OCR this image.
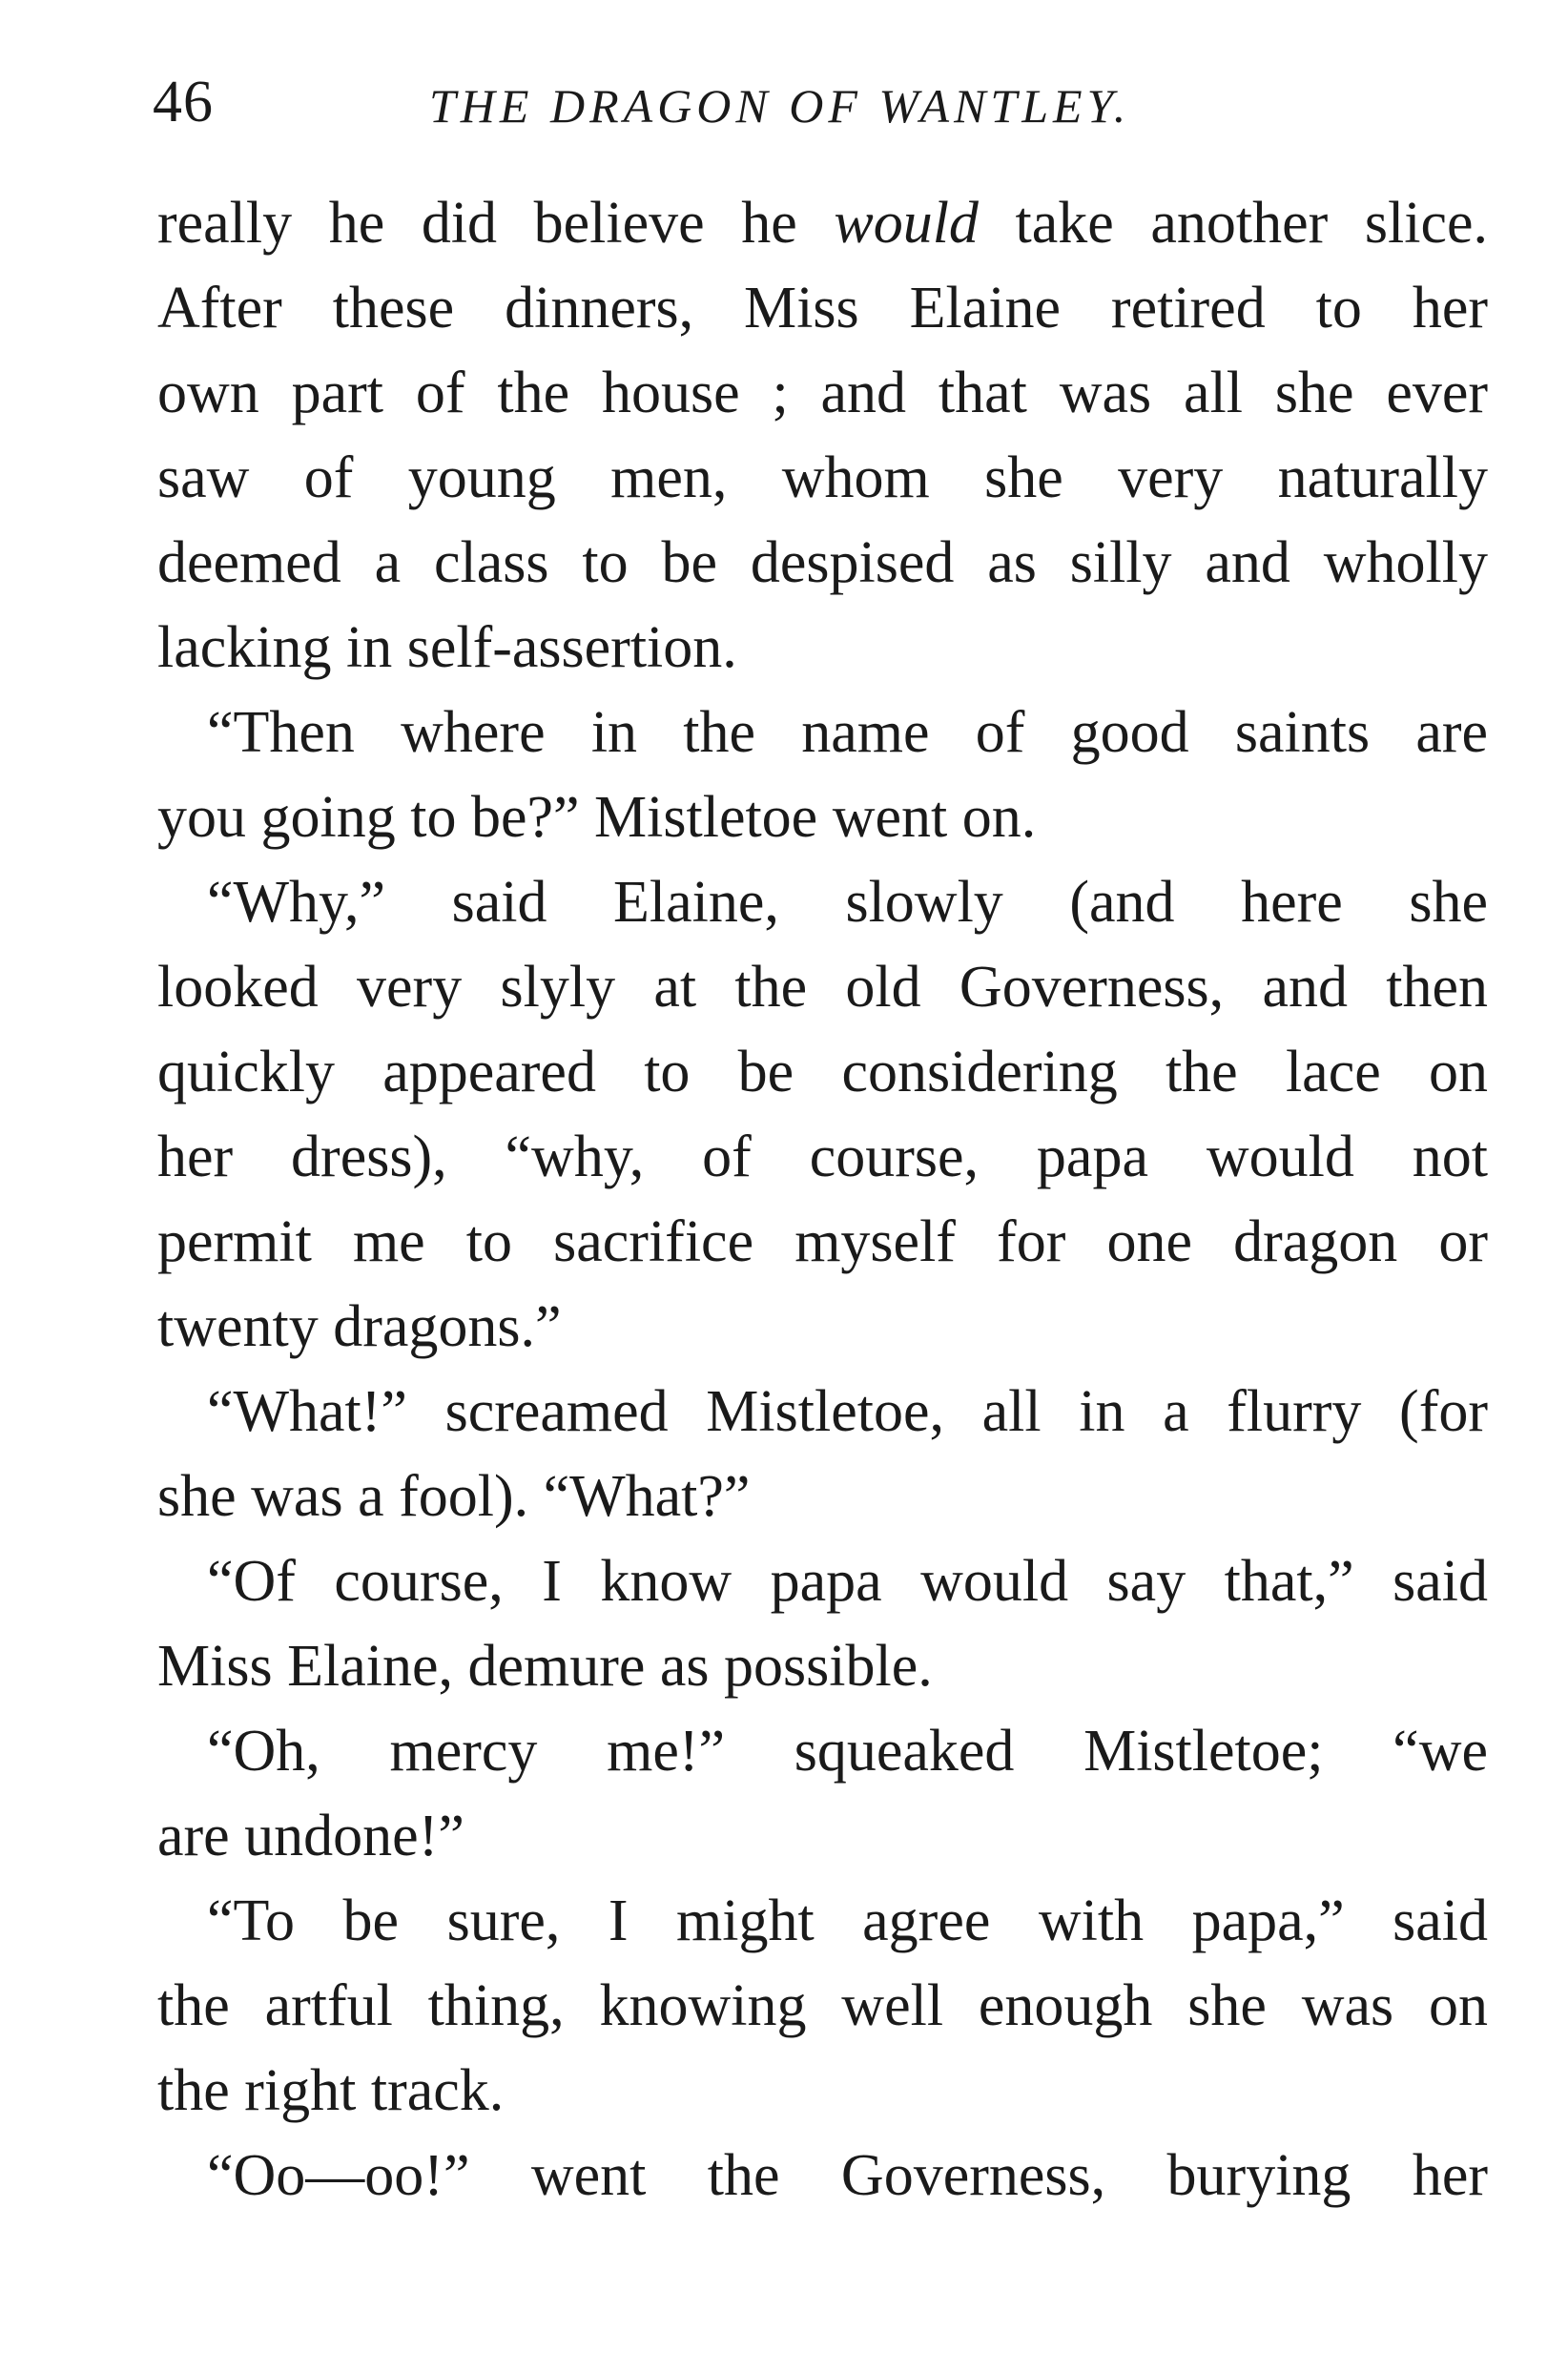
46	THE DRAGON OF WANTLEY.
really he did believe he would take another slice.
After these dinners, Miss Elaine retired to her
own part of the house ; and that was all she ever
saw of young men, whom she very naturally
deemed a class to be despised as silly and wholly
lacking in self-assertion.
“Then where in the name of good saints are
you going to be?” Mistletoe went on.
“Why,” said Elaine, slowly (and here she
looked very slyly at the old Governess, and then
quickly appeared to be considering the lace on
her dress), “why, of course, papa would not
permit me to sacrifice myself for one dragon or
twenty dragons.”
“What!” screamed Mistletoe, all in a flurry (for
she was a fool). “What?”
“Of course, I know papa would say that,” said
Miss Elaine, demure as possible.
“Oh, mercy me!” squeaked Mistletoe; “we
are undone!”
“To be sure, I might agree with papa,” said
the artful thing, knowing well enough she was on
the right track.
“Oo—oo!” went the Governess, burying her
